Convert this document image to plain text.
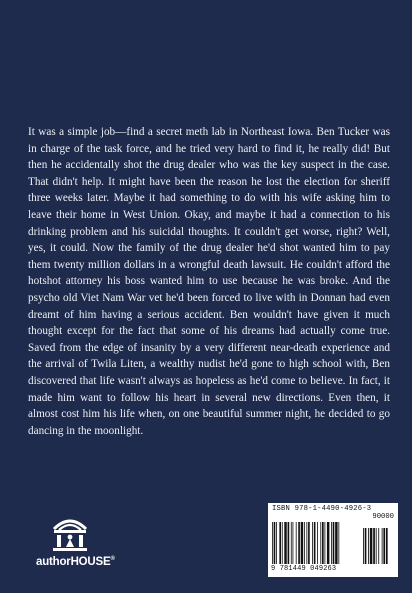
It was a simple job—find a secret meth lab in Northeast Iowa. Ben Tucker was in charge of the task force, and he tried very hard to find it, he really did! But then he accidentally shot the drug dealer who was the key suspect in the case. That didn't help. It might have been the reason he lost the election for sheriff three weeks later. Maybe it had something to do with his wife asking him to leave their home in West Union. Okay, and maybe it had a connection to his drinking problem and his suicidal thoughts. It couldn't get worse, right? Well, yes, it could. Now the family of the drug dealer he'd shot wanted him to pay them twenty million dollars in a wrongful death lawsuit. He couldn't afford the hotshot attorney his boss wanted him to use because he was broke. And the psycho old Viet Nam War vet he'd been forced to live with in Donnan had even dreamt of him having a serious accident. Ben wouldn't have given it much thought except for the fact that some of his dreams had actually come true. Saved from the edge of insanity by a very different near-death experience and the arrival of Twila Liten, a wealthy nudist he'd gone to high school with, Ben discovered that life wasn't always as hopeless as he'd come to believe. In fact, it made him want to follow his heart in several new directions. Even then, it almost cost him his life when, on one beautiful summer night, he decided to go dancing in the moonlight.

authorHOUSE®
ISBN 978-1-4490-4926-3
90000
9 781449 049263
